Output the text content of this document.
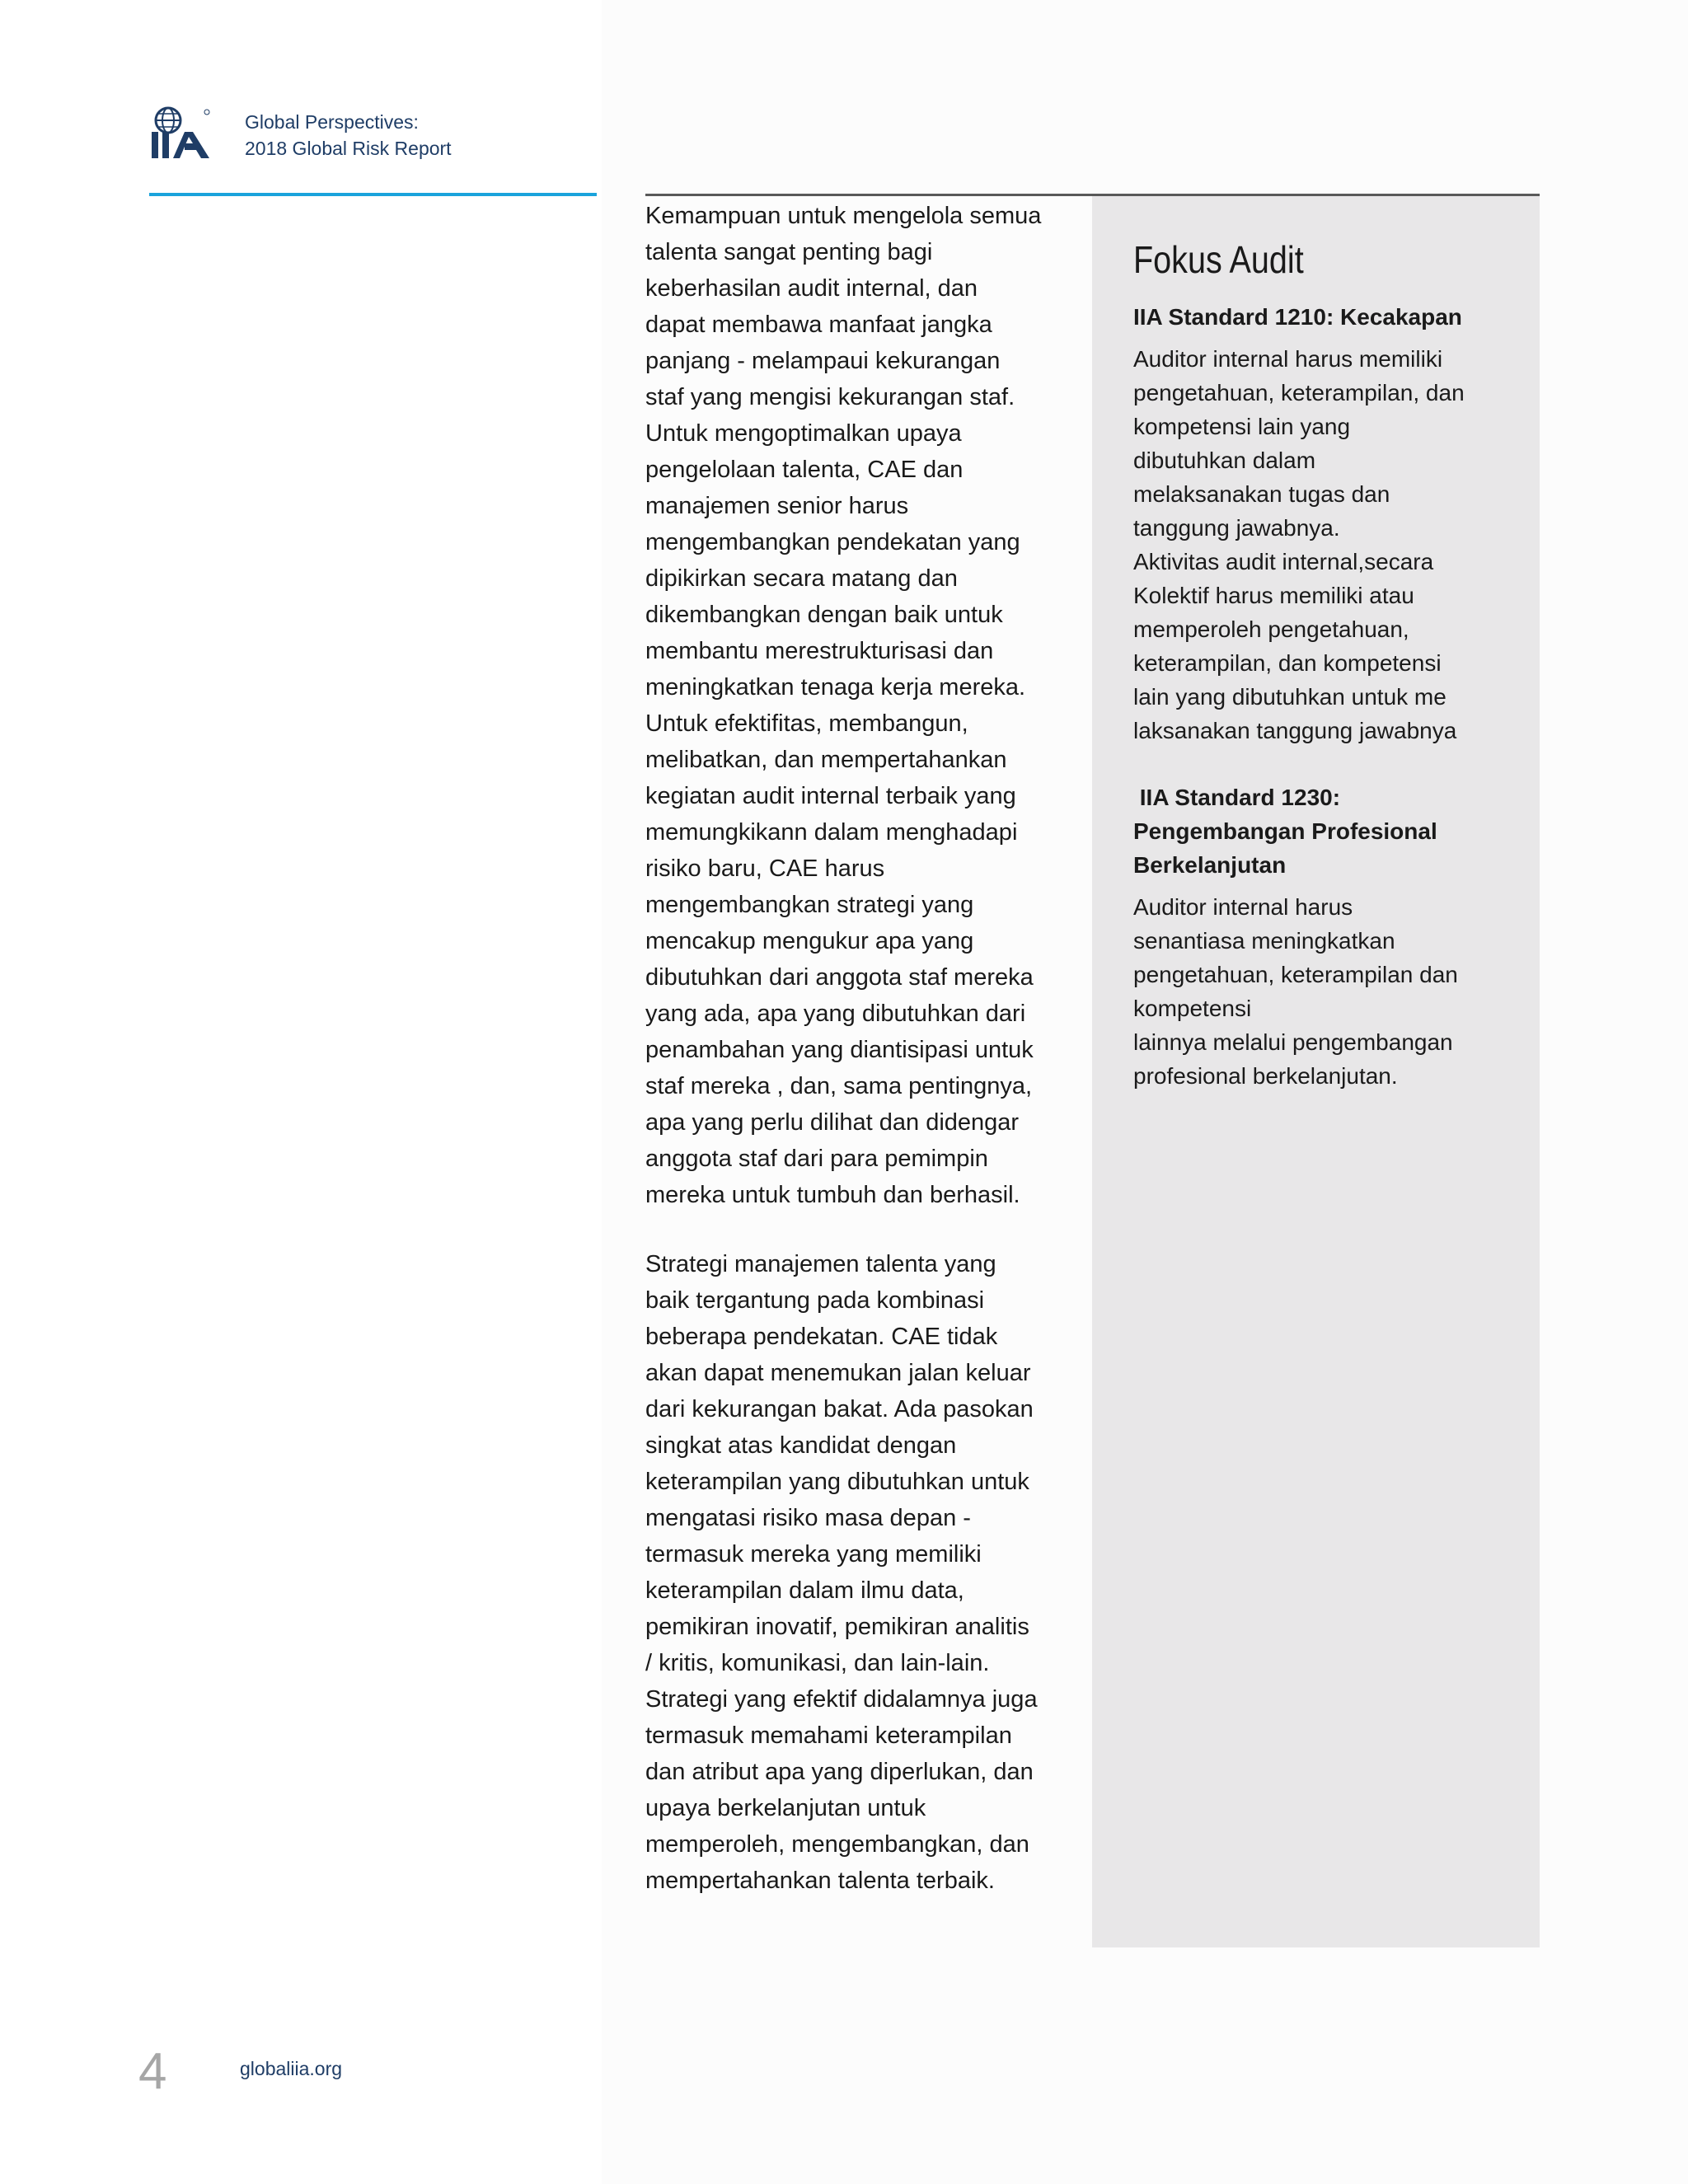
IIA
Global Perspectives:
2018 Global Risk Report
Kemampuan untuk mengelola semua
talenta sangat penting bagi
keberhasilan audit internal, dan
dapat membawa manfaat jangka
panjang - melampaui kekurangan
staf yang mengisi kekurangan staf.
Untuk mengoptimalkan upaya
pengelolaan talenta, CAE dan
manajemen senior harus
mengembangkan pendekatan yang
dipikirkan secara matang dan
dikembangkan dengan baik untuk
membantu merestrukturisasi dan
meningkatkan tenaga kerja mereka.
Untuk efektifitas, membangun,
melibatkan, dan mempertahankan
kegiatan audit internal terbaik yang
memungkikann dalam menghadapi
risiko baru, CAE harus
mengembangkan strategi yang
mencakup mengukur apa yang
dibutuhkan dari anggota staf mereka
yang ada, apa yang dibutuhkan dari
penambahan yang diantisipasi untuk
staf mereka , dan, sama pentingnya,
apa yang perlu dilihat dan didengar
anggota staf dari para pemimpin
mereka untuk tumbuh dan berhasil.
Strategi manajemen talenta yang
baik tergantung pada kombinasi
beberapa pendekatan. CAE tidak
akan dapat menemukan jalan keluar
dari kekurangan bakat. Ada pasokan
singkat atas kandidat dengan
keterampilan yang dibutuhkan untuk
mengatasi risiko masa depan -
termasuk mereka yang memiliki
keterampilan dalam ilmu data,
pemikiran inovatif, pemikiran analitis
/ kritis, komunikasi, dan lain-lain.
Strategi yang efektif didalamnya juga
termasuk memahami keterampilan
dan atribut apa yang diperlukan, dan
upaya berkelanjutan untuk
memperoleh, mengembangkan, dan
mempertahankan talenta terbaik.
Fokus Audit
IIA Standard 1210: Kecakapan
Auditor internal harus memiliki
pengetahuan, keterampilan, dan
kompetensi lain yang
dibutuhkan dalam
melaksanakan tugas dan
tanggung jawabnya.
Aktivitas audit internal,secara
Kolektif harus memiliki atau
memperoleh pengetahuan,
keterampilan, dan kompetensi
lain yang dibutuhkan untuk me
laksanakan tanggung jawabnya
IIA Standard 1230:
Pengembangan Profesional
Berkelanjutan
Auditor internal harus
senantiasa meningkatkan
pengetahuan, keterampilan dan
kompetensi
lainnya melalui pengembangan
profesional berkelanjutan.
4	globaliia.org
